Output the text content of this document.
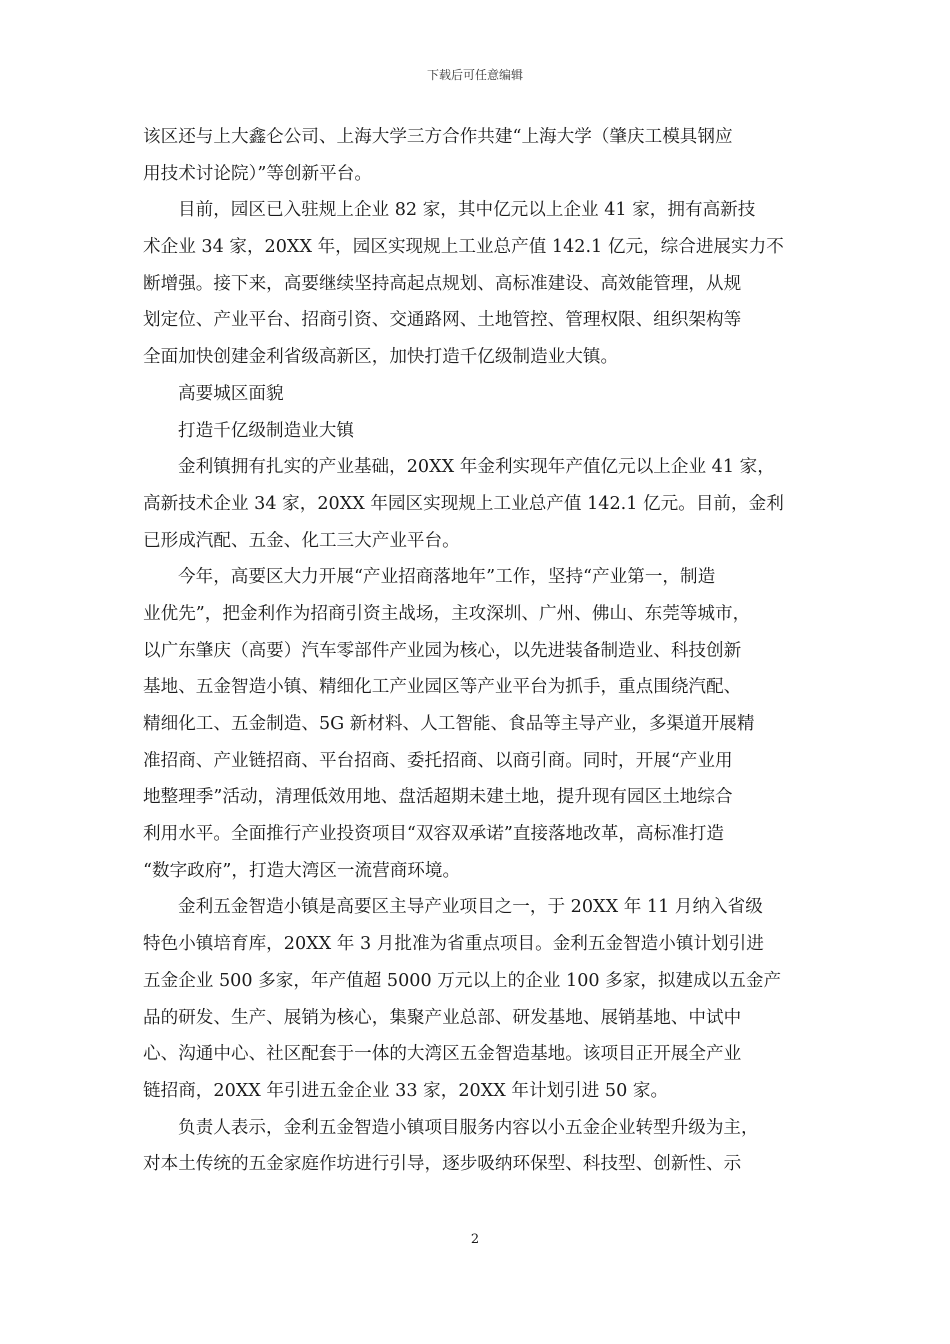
下载后可任意编辑
该区还与上大鑫仑公司、上海大学三方合作共建“上海大学（肇庆工模具钢应
用技术讨论院）”等创新平台。
目前，园区已入驻规上企业 82 家，其中亿元以上企业 41 家，拥有高新技
术企业 34 家，20XX 年，园区实现规上工业总产值 142.1 亿元，综合进展实力不
断增强。接下来，高要继续坚持高起点规划、高标准建设、高效能管理，从规
划定位、产业平台、招商引资、交通路网、土地管控、管理权限、组织架构等
全面加快创建金利省级高新区，加快打造千亿级制造业大镇。
高要城区面貌
打造千亿级制造业大镇
金利镇拥有扎实的产业基础，20XX 年金利实现年产值亿元以上企业 41 家，
高新技术企业 34 家，20XX 年园区实现规上工业总产值 142.1 亿元。目前，金利
已形成汽配、五金、化工三大产业平台。
今年，高要区大力开展“产业招商落地年”工作，坚持“产业第一，制造
业优先”，把金利作为招商引资主战场，主攻深圳、广州、佛山、东莞等城市，
以广东肇庆（高要）汽车零部件产业园为核心，以先进装备制造业、科技创新
基地、五金智造小镇、精细化工产业园区等产业平台为抓手，重点围绕汽配、
精细化工、五金制造、5G 新材料、人工智能、食品等主导产业，多渠道开展精
准招商、产业链招商、平台招商、委托招商、以商引商。同时，开展“产业用
地整理季”活动，清理低效用地、盘活超期未建土地，提升现有园区土地综合
利用水平。全面推行产业投资项目“双容双承诺”直接落地改革，高标准打造
“数字政府”，打造大湾区一流营商环境。
金利五金智造小镇是高要区主导产业项目之一，于 20XX 年 11 月纳入省级
特色小镇培育库，20XX 年 3 月批准为省重点项目。金利五金智造小镇计划引进
五金企业 500 多家，年产值超 5000 万元以上的企业 100 多家，拟建成以五金产
品的研发、生产、展销为核心，集聚产业总部、研发基地、展销基地、中试中
心、沟通中心、社区配套于一体的大湾区五金智造基地。该项目正开展全产业
链招商，20XX 年引进五金企业 33 家，20XX 年计划引进 50 家。
负责人表示，金利五金智造小镇项目服务内容以小五金企业转型升级为主，
对本土传统的五金家庭作坊进行引导，逐步吸纳环保型、科技型、创新性、示
2
